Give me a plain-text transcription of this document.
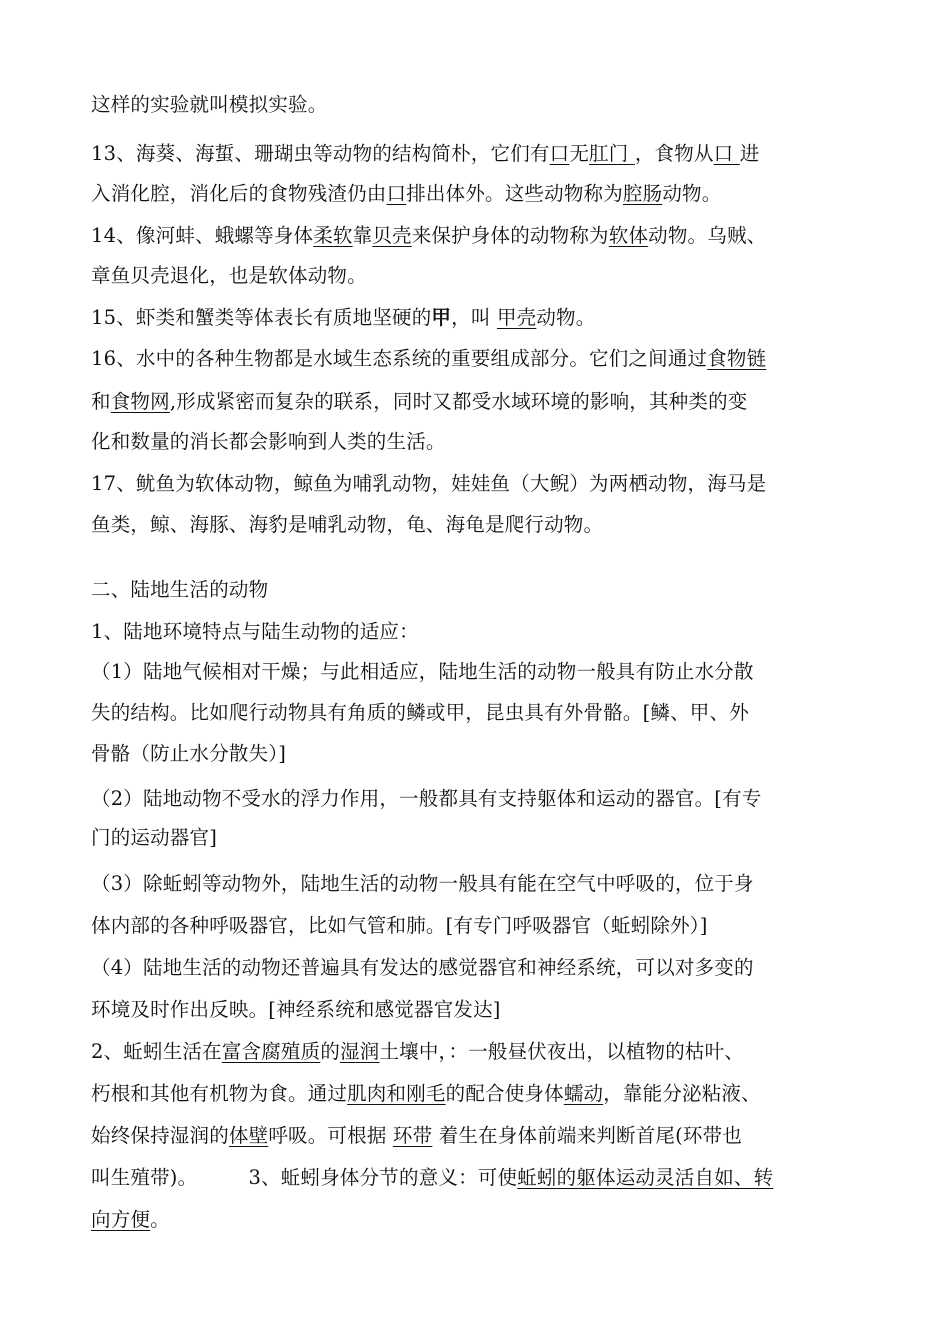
这样的实验就叫模拟实验。
13、海葵、海蜇、珊瑚虫等动物的结构简朴，它们有口无肛门 ，食物从口 进
入消化腔，消化后的食物残渣仍由口排出体外。这些动物称为腔肠动物。
14、像河蚌、蛾螺等身体柔软靠贝壳来保护身体的动物称为软体动物。乌贼、
章鱼贝壳退化，也是软体动物。
15、虾类和蟹类等体表长有质地坚硬的甲，叫 甲壳动物。
16、水中的各种生物都是水域生态系统的重要组成部分。它们之间通过食物链
和食物网,形成紧密而复杂的联系，同时又都受水域环境的影响，其种类的变
化和数量的消长都会影响到人类的生活。
17、鱿鱼为软体动物，鲸鱼为哺乳动物，娃娃鱼（大鲵）为两栖动物，海马是
鱼类，鲸、海豚、海豹是哺乳动物，龟、海龟是爬行动物。
二、陆地生活的动物
1、陆地环境特点与陆生动物的适应：
（1）陆地气候相对干燥；与此相适应，陆地生活的动物一般具有防止水分散
失的结构。比如爬行动物具有角质的鳞或甲，昆虫具有外骨骼。[鳞、甲、外
骨骼（防止水分散失）]
（2）陆地动物不受水的浮力作用，一般都具有支持躯体和运动的器官。[有专
门的运动器官]
（3）除蚯蚓等动物外，陆地生活的动物一般具有能在空气中呼吸的，位于身
体内部的各种呼吸器官，比如气管和肺。[有专门呼吸器官（蚯蚓除外）]
（4）陆地生活的动物还普遍具有发达的感觉器官和神经系统，可以对多变的
环境及时作出反映。[神经系统和感觉器官发达]
2、蚯蚓生活在富含腐殖质的湿润土壤中，：一般昼伏夜出，以植物的枯叶、
朽根和其他有机物为食。通过肌肉和刚毛的配合使身体蠕动，靠能分泌粘液、
始终保持湿润的体壁呼吸。可根据 环带 着生在身体前端来判断首尾(环带也
叫生殖带)。        3、蚯蚓身体分节的意义：可使蚯蚓的躯体运动灵活自如、转
向方便。
